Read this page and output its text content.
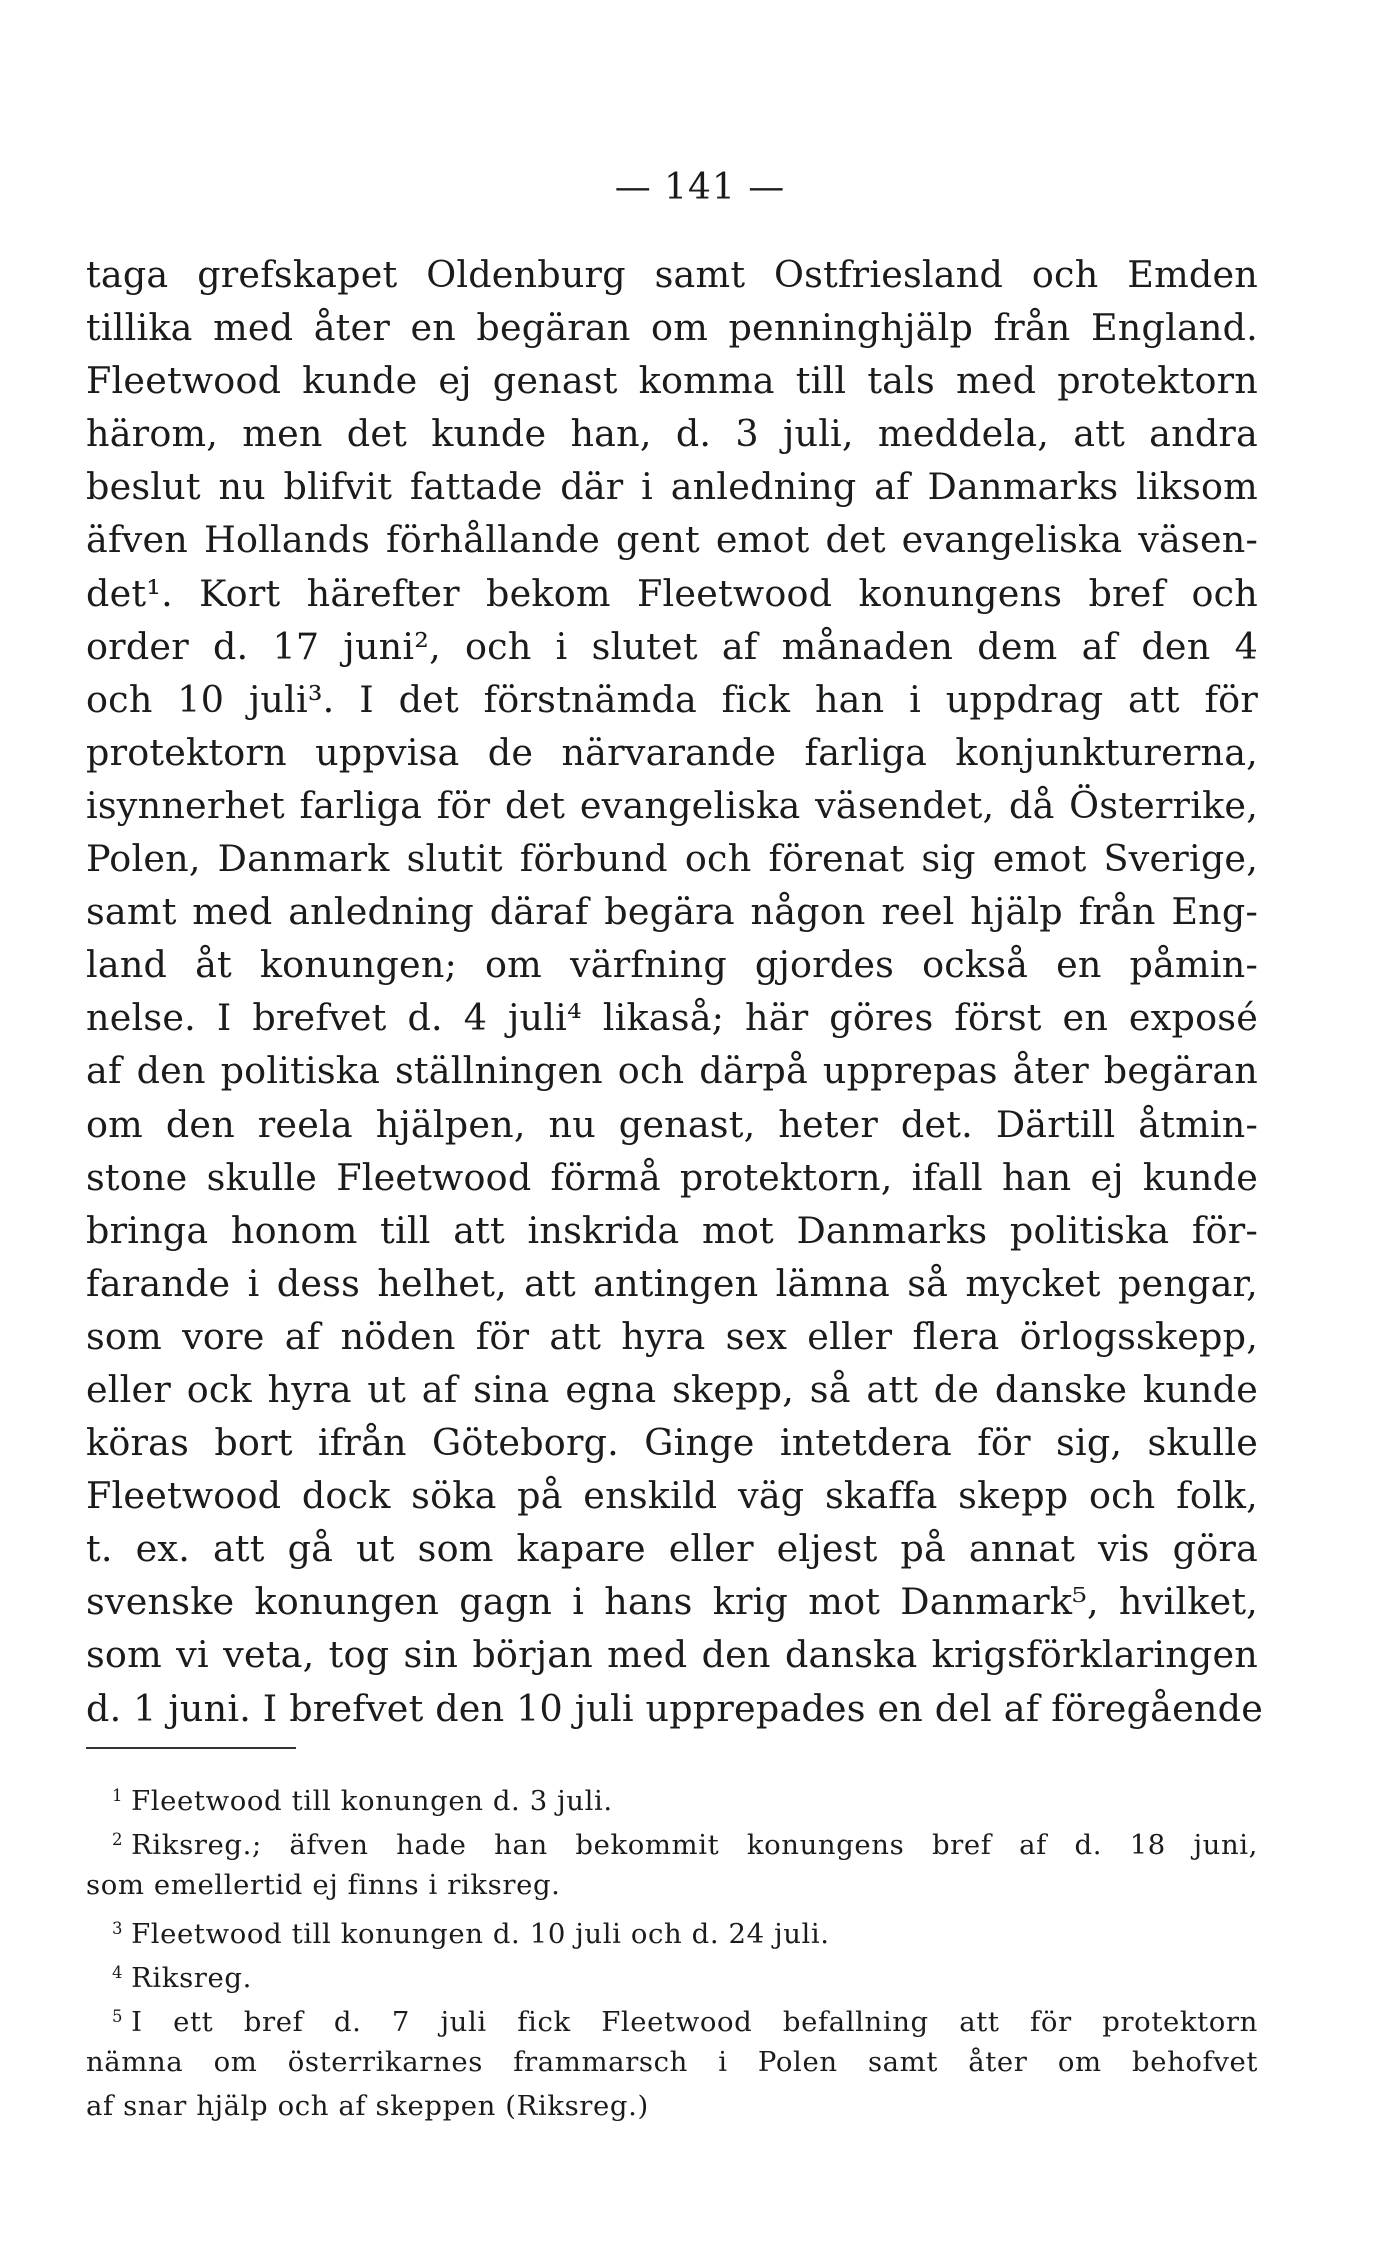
— 141 —
taga grefskapet Oldenburg samt Ostfriesland och Emden
tillika med åter en begäran om penninghjälp från England.
Fleetwood kunde ej genast komma till tals med protektorn
härom, men det kunde han, d. 3 juli, meddela, att andra
beslut nu blifvit fattade där i anledning af Danmarks liksom
äfven Hollands förhållande gent emot det evangeliska väsen-
det¹. Kort härefter bekom Fleetwood konungens bref och
order d. 17 juni², och i slutet af månaden dem af den 4
och 10 juli³. I det förstnämda fick han i uppdrag att för
protektorn uppvisa de närvarande farliga konjunkturerna,
isynnerhet farliga för det evangeliska väsendet, då Österrike,
Polen, Danmark slutit förbund och förenat sig emot Sverige,
samt med anledning däraf begära någon reel hjälp från Eng-
land åt konungen; om värfning gjordes också en påmin-
nelse. I brefvet d. 4 juli⁴ likaså; här göres först en exposé
af den politiska ställningen och därpå upprepas åter begäran
om den reela hjälpen, nu genast, heter det. Därtill åtmin-
stone skulle Fleetwood förmå protektorn, ifall han ej kunde
bringa honom till att inskrida mot Danmarks politiska för-
farande i dess helhet, att antingen lämna så mycket pengar,
som vore af nöden för att hyra sex eller flera örlogsskepp,
eller ock hyra ut af sina egna skepp, så att de danske kunde
köras bort ifrån Göteborg. Ginge intetdera för sig, skulle
Fleetwood dock söka på enskild väg skaffa skepp och folk,
t. ex. att gå ut som kapare eller eljest på annat vis göra
svenske konungen gagn i hans krig mot Danmark⁵, hvilket,
som vi veta, tog sin början med den danska krigsförklaringen
d. 1 juni. I brefvet den 10 juli upprepades en del af föregående
$^1$ Fleetwood till konungen d. 3 juli.
$^2$ Riksreg.; äfven hade han bekommit konungens bref af d. 18 juni,
som emellertid ej finns i riksreg.
$^3$ Fleetwood till konungen d. 10 juli och d. 24 juli.
$^4$ Riksreg.
$^5$ I ett bref d. 7 juli fick Fleetwood befallning att för protektorn
nämna om österrikarnes frammarsch i Polen samt åter om behofvet
af snar hjälp och af skeppen (Riksreg.)
